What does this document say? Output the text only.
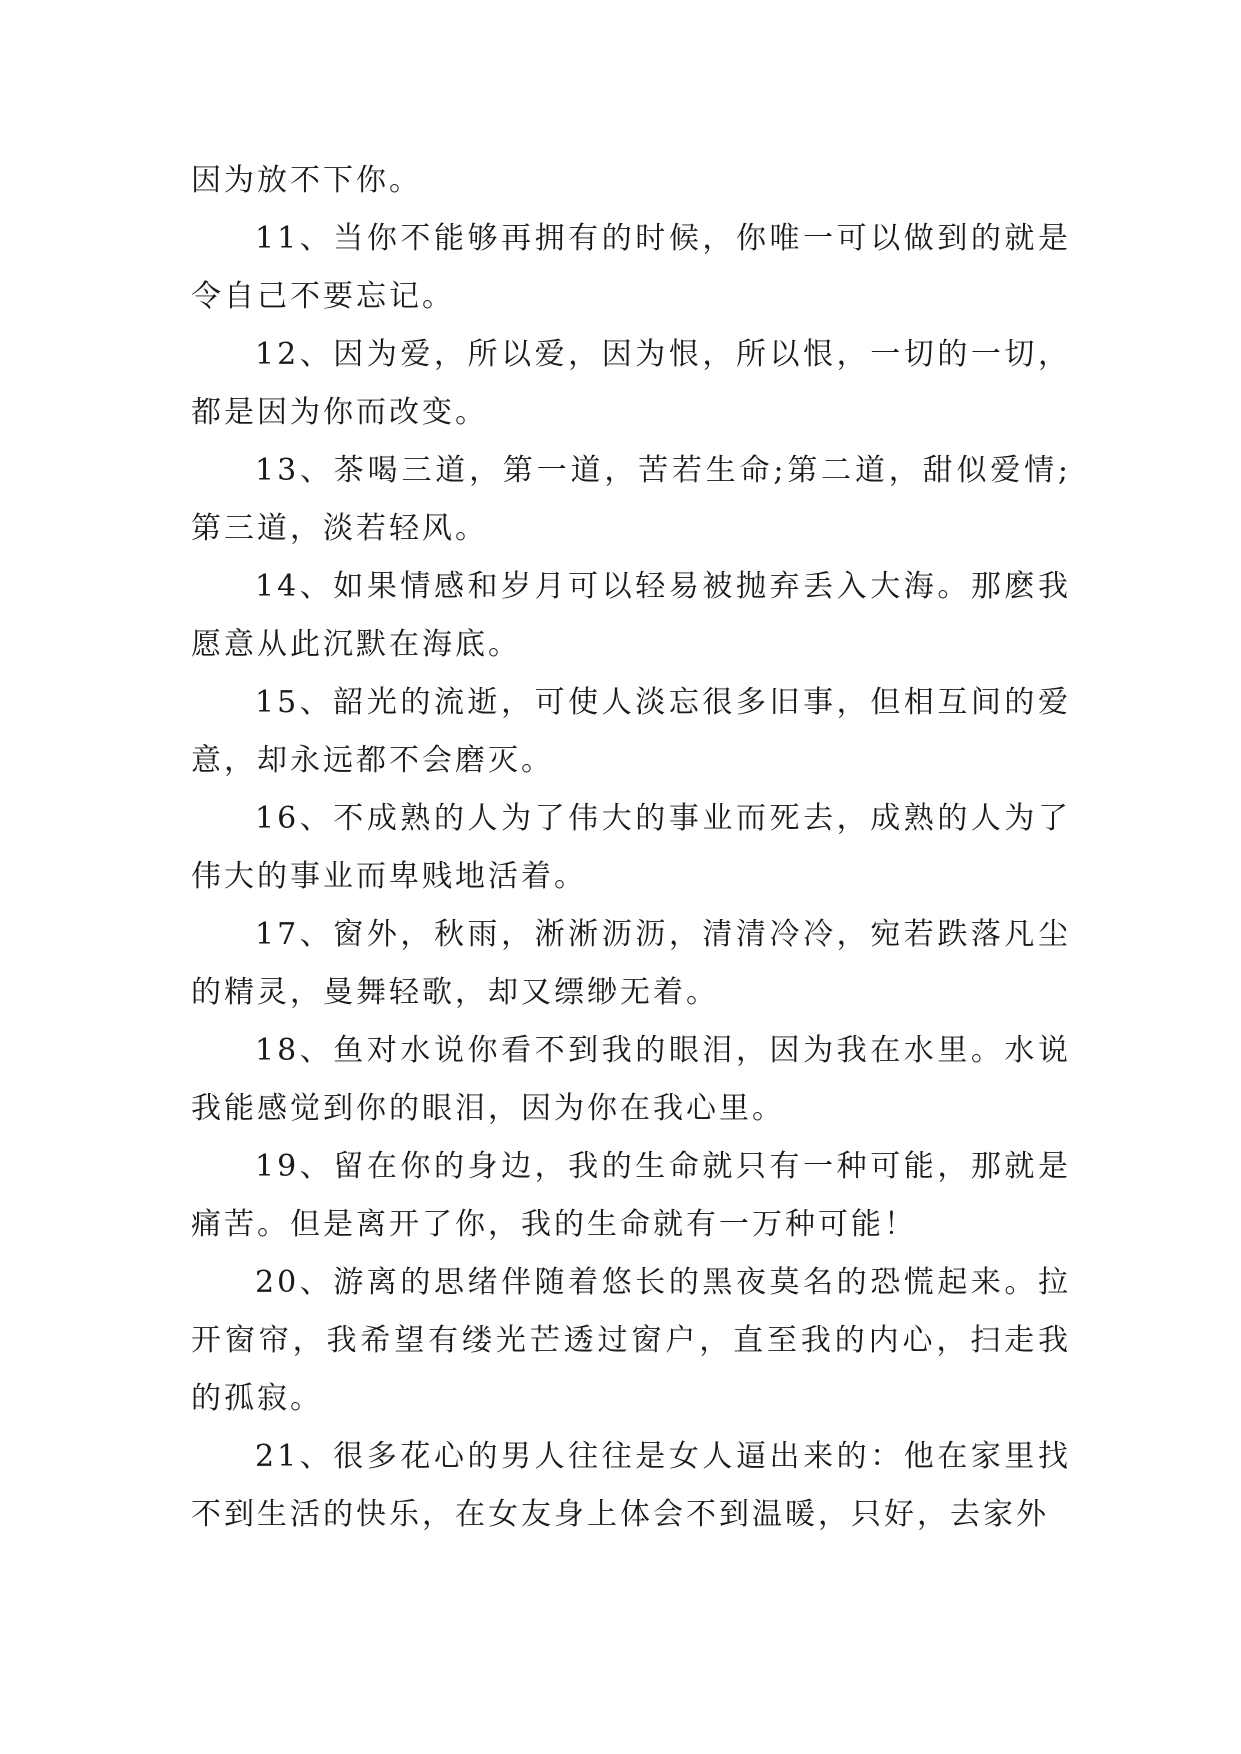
因为放不下你。

11、当你不能够再拥有的时候，你唯一可以做到的就是令自己不要忘记。

12、因为爱，所以爱，因为恨，所以恨，一切的一切，都是因为你而改变。

13、茶喝三道，第一道，苦若生命;第二道，甜似爱情;第三道，淡若轻风。

14、如果情感和岁月可以轻易被抛弃丢入大海。那麽我愿意从此沉默在海底。

15、韶光的流逝，可使人淡忘很多旧事，但相互间的爱意，却永远都不会磨灭。

16、不成熟的人为了伟大的事业而死去，成熟的人为了伟大的事业而卑贱地活着。

17、窗外，秋雨，淅淅沥沥，清清冷冷，宛若跌落凡尘的精灵，曼舞轻歌，却又缥缈无着。

18、鱼对水说你看不到我的眼泪，因为我在水里。水说我能感觉到你的眼泪，因为你在我心里。

19、留在你的身边，我的生命就只有一种可能，那就是痛苦。但是离开了你，我的生命就有一万种可能！

20、游离的思绪伴随着悠长的黑夜莫名的恐慌起来。拉开窗帘，我希望有缕光芒透过窗户，直至我的内心，扫走我的孤寂。

21、很多花心的男人往往是女人逼出来的：他在家里找不到生活的快乐，在女友身上体会不到温暖，只好，去家外
